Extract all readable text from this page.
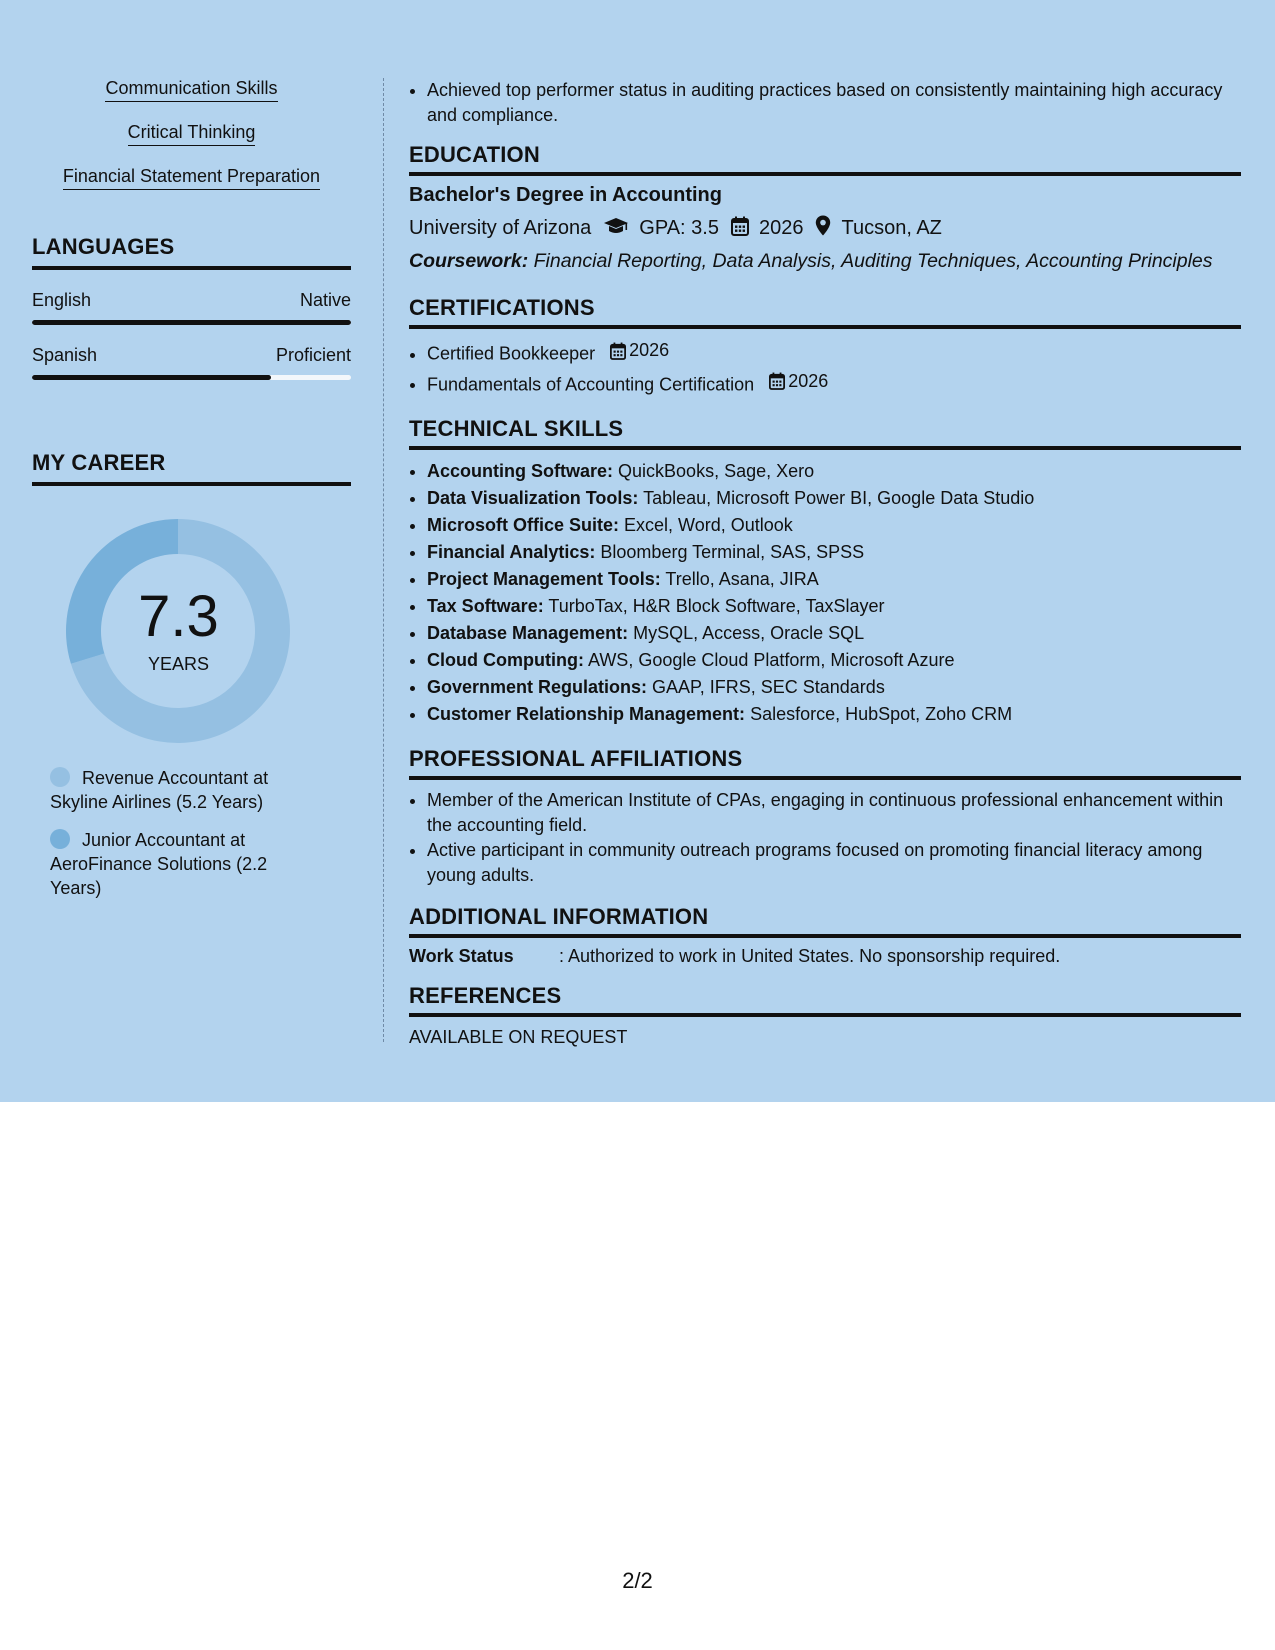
Communication Skills
Critical Thinking
Financial Statement Preparation
LANGUAGES
English	Native
Spanish	Proficient
MY CAREER
7.3
YEARS
Revenue Accountant at Skyline Airlines (5.2 Years)
Junior Accountant at AeroFinance Solutions (2.2 Years)
• Achieved top performer status in auditing practices based on consistently maintaining high accuracy and compliance.
EDUCATION
Bachelor's Degree in Accounting
University of Arizona GPA: 3.5 2026 Tucson, AZ
Coursework: Financial Reporting, Data Analysis, Auditing Techniques, Accounting Principles
CERTIFICATIONS
• Certified Bookkeeper 2026
• Fundamentals of Accounting Certification 2026
TECHNICAL SKILLS
• Accounting Software: QuickBooks, Sage, Xero
• Data Visualization Tools: Tableau, Microsoft Power BI, Google Data Studio
• Microsoft Office Suite: Excel, Word, Outlook
• Financial Analytics: Bloomberg Terminal, SAS, SPSS
• Project Management Tools: Trello, Asana, JIRA
• Tax Software: TurboTax, H&R Block Software, TaxSlayer
• Database Management: MySQL, Access, Oracle SQL
• Cloud Computing: AWS, Google Cloud Platform, Microsoft Azure
• Government Regulations: GAAP, IFRS, SEC Standards
• Customer Relationship Management: Salesforce, HubSpot, Zoho CRM
PROFESSIONAL AFFILIATIONS
• Member of the American Institute of CPAs, engaging in continuous professional enhancement within the accounting field.
• Active participant in community outreach programs focused on promoting financial literacy among young adults.
ADDITIONAL INFORMATION
Work Status	: Authorized to work in United States. No sponsorship required.
REFERENCES
AVAILABLE ON REQUEST
2/2
